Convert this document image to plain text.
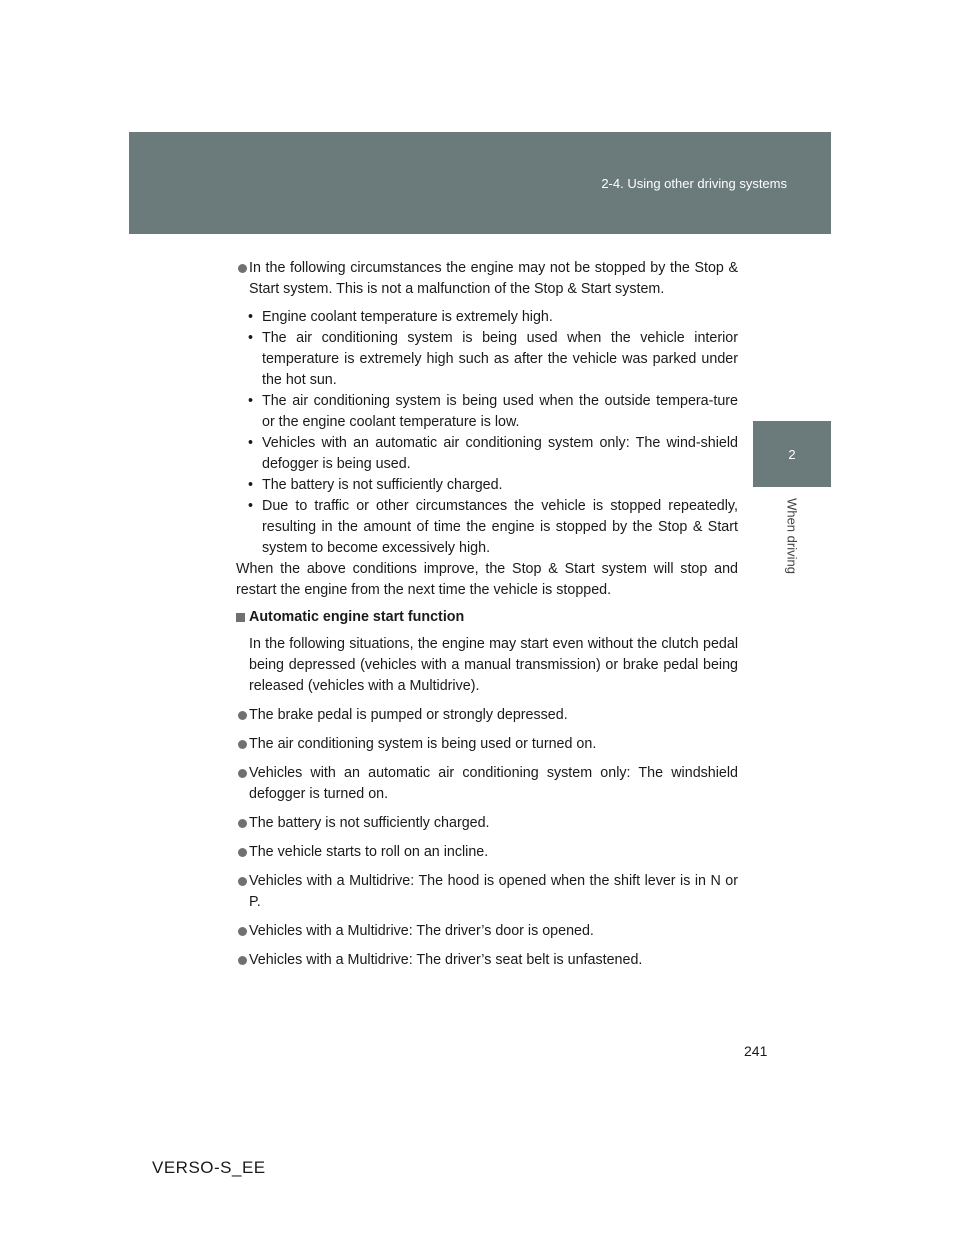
2-4. Using other driving systems
2
When driving

In the following circumstances the engine may not be stopped by the Stop & Start system. This is not a malfunction of the Stop & Start system.

• Engine coolant temperature is extremely high.
• The air conditioning system is being used when the vehicle interior temperature is extremely high such as after the vehicle was parked under the hot sun.
• The air conditioning system is being used when the outside tempera-ture or the engine coolant temperature is low.
• Vehicles with an automatic air conditioning system only: The wind-shield defogger is being used.
• The battery is not sufficiently charged.
• Due to traffic or other circumstances the vehicle is stopped repeatedly, resulting in the amount of time the engine is stopped by the Stop & Start system to become excessively high.

When the above conditions improve, the Stop & Start system will stop and restart the engine from the next time the vehicle is stopped.

Automatic engine start function

In the following situations, the engine may start even without the clutch pedal being depressed (vehicles with a manual transmission) or brake pedal being released (vehicles with a Multidrive).

The brake pedal is pumped or strongly depressed.

The air conditioning system is being used or turned on.

Vehicles with an automatic air conditioning system only: The windshield defogger is turned on.

The battery is not sufficiently charged.

The vehicle starts to roll on an incline.

Vehicles with a Multidrive: The hood is opened when the shift lever is in N or P.

Vehicles with a Multidrive: The driver’s door is opened.

Vehicles with a Multidrive: The driver’s seat belt is unfastened.

241
VERSO-S_EE
